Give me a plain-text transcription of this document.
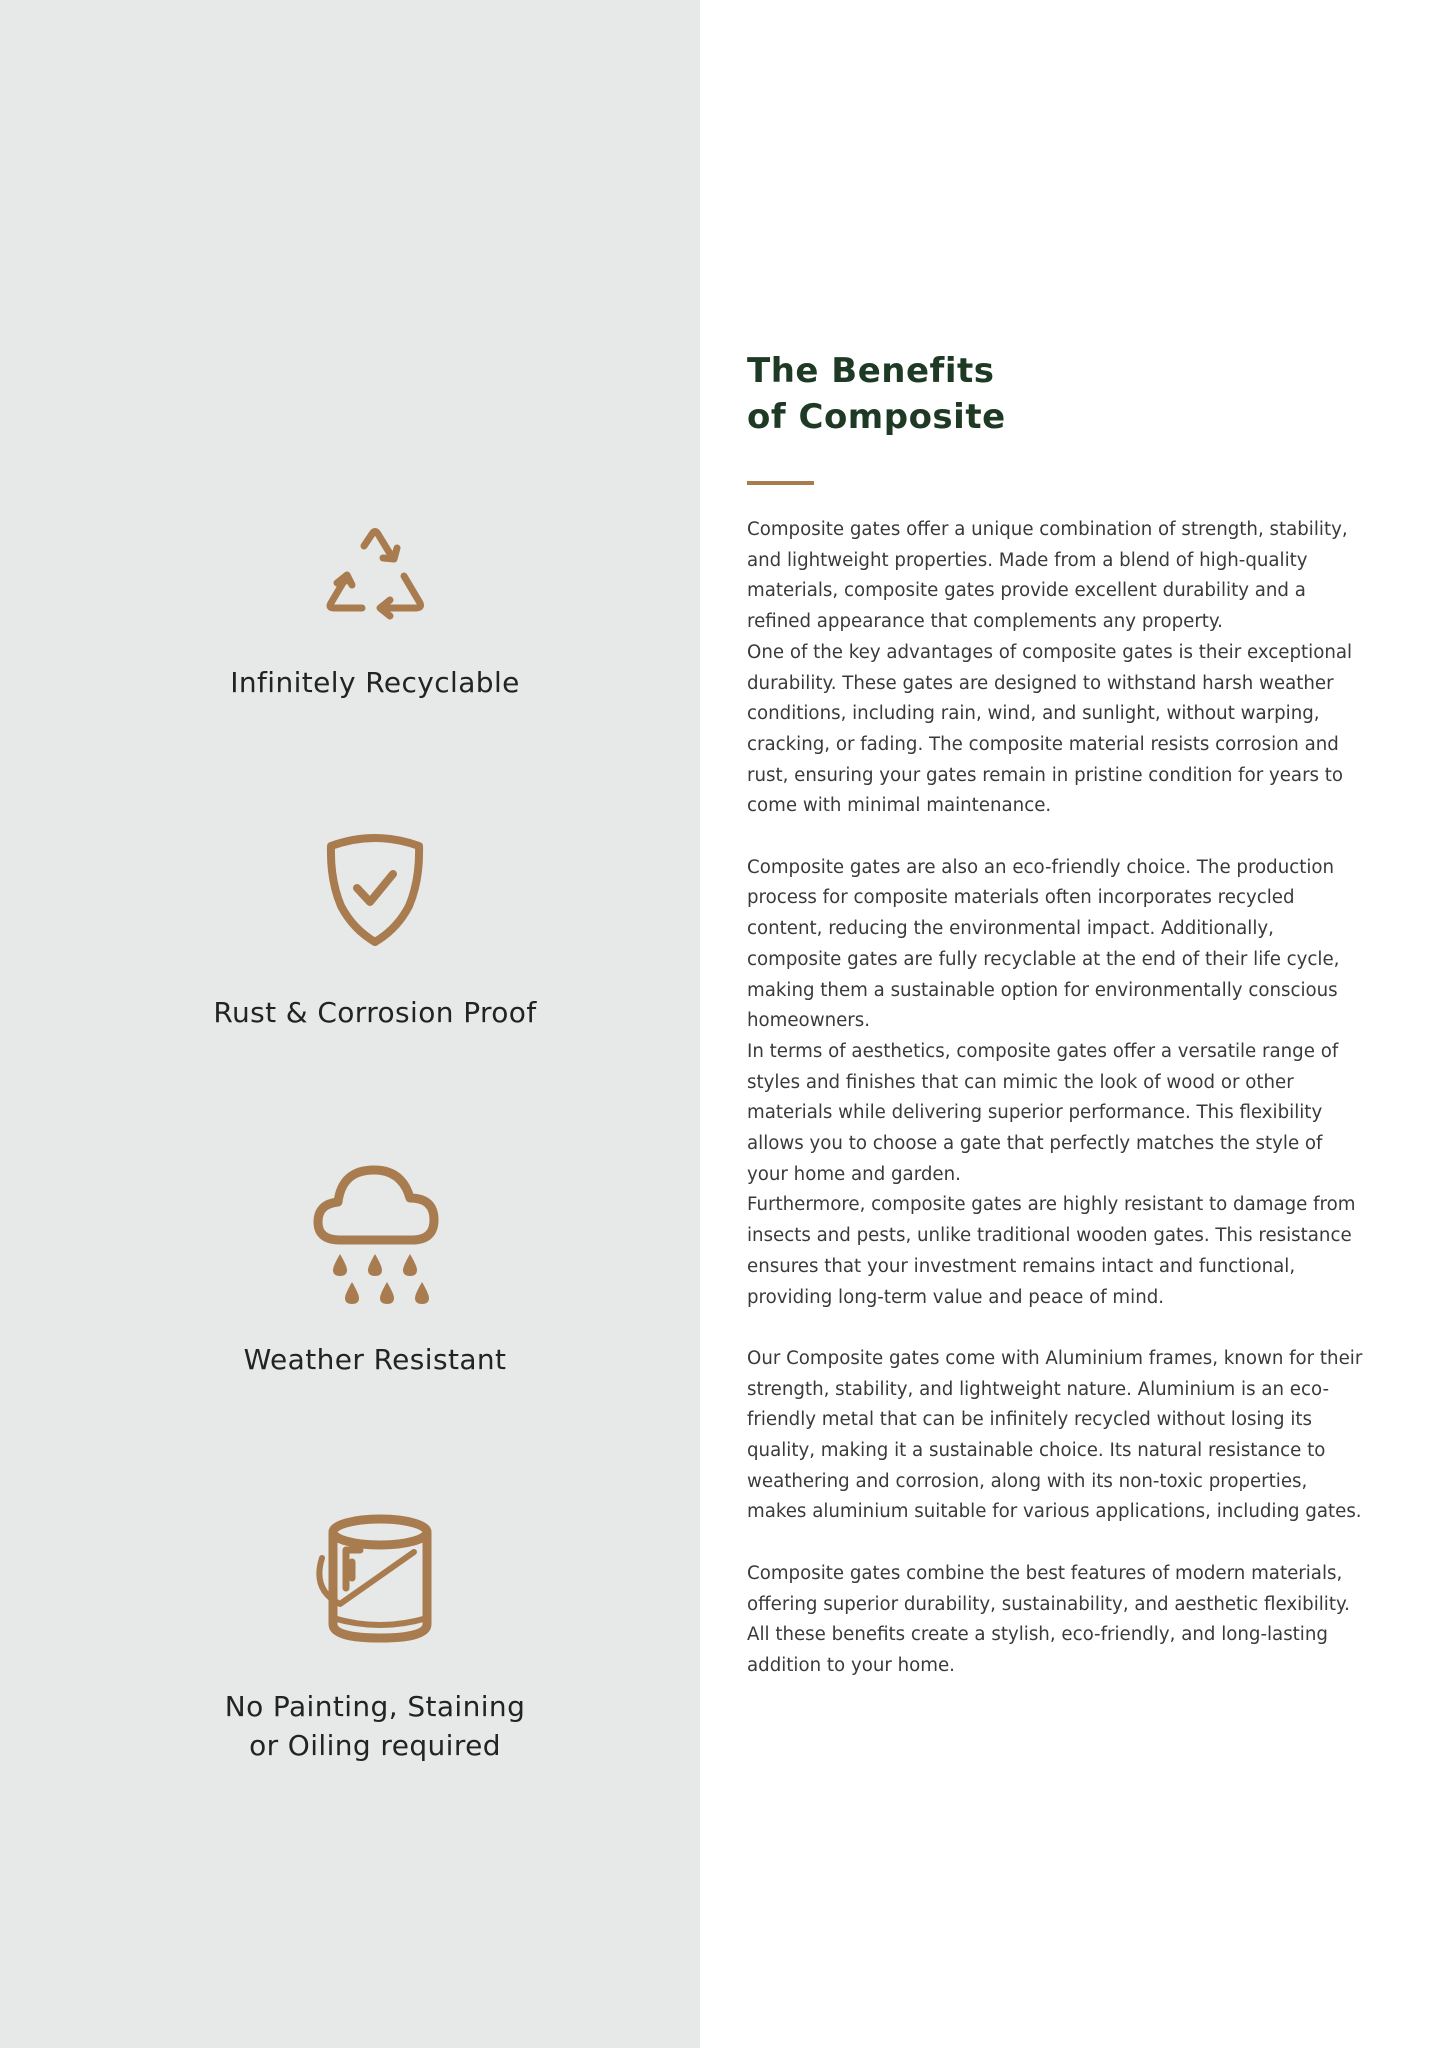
Infinitely Recyclable
Rust & Corrosion Proof
Weather Resistant
No Painting, Staining
or Oiling required
The Benefits
of Composite

Composite gates offer a unique combination of strength, stability, and lightweight properties. Made from a blend of high-quality materials, composite gates provide excellent durability and a refined appearance that complements any property.

One of the key advantages of composite gates is their exceptional durability. These gates are designed to withstand harsh weather conditions, including rain, wind, and sunlight, without warping, cracking, or fading. The composite material resists corrosion and rust, ensuring your gates remain in pristine condition for years to come with minimal maintenance.

Composite gates are also an eco-friendly choice. The production process for composite materials often incorporates recycled content, reducing the environmental impact. Additionally, composite gates are fully recyclable at the end of their life cycle, making them a sustainable option for environmentally conscious homeowners.

In terms of aesthetics, composite gates offer a versatile range of styles and finishes that can mimic the look of wood or other materials while delivering superior performance. This flexibility allows you to choose a gate that perfectly matches the style of your home and garden.

Furthermore, composite gates are highly resistant to damage from insects and pests, unlike traditional wooden gates. This resistance ensures that your investment remains intact and functional, providing long-term value and peace of mind.

Our Composite gates come with Aluminium frames, known for their strength, stability, and lightweight nature. Aluminium is an eco-friendly metal that can be infinitely recycled without losing its quality, making it a sustainable choice. Its natural resistance to weathering and corrosion, along with its non-toxic properties, makes aluminium suitable for various applications, including gates.

Composite gates combine the best features of modern materials, offering superior durability, sustainability, and aesthetic flexibility. All these benefits create a stylish, eco-friendly, and long-lasting addition to your home.
